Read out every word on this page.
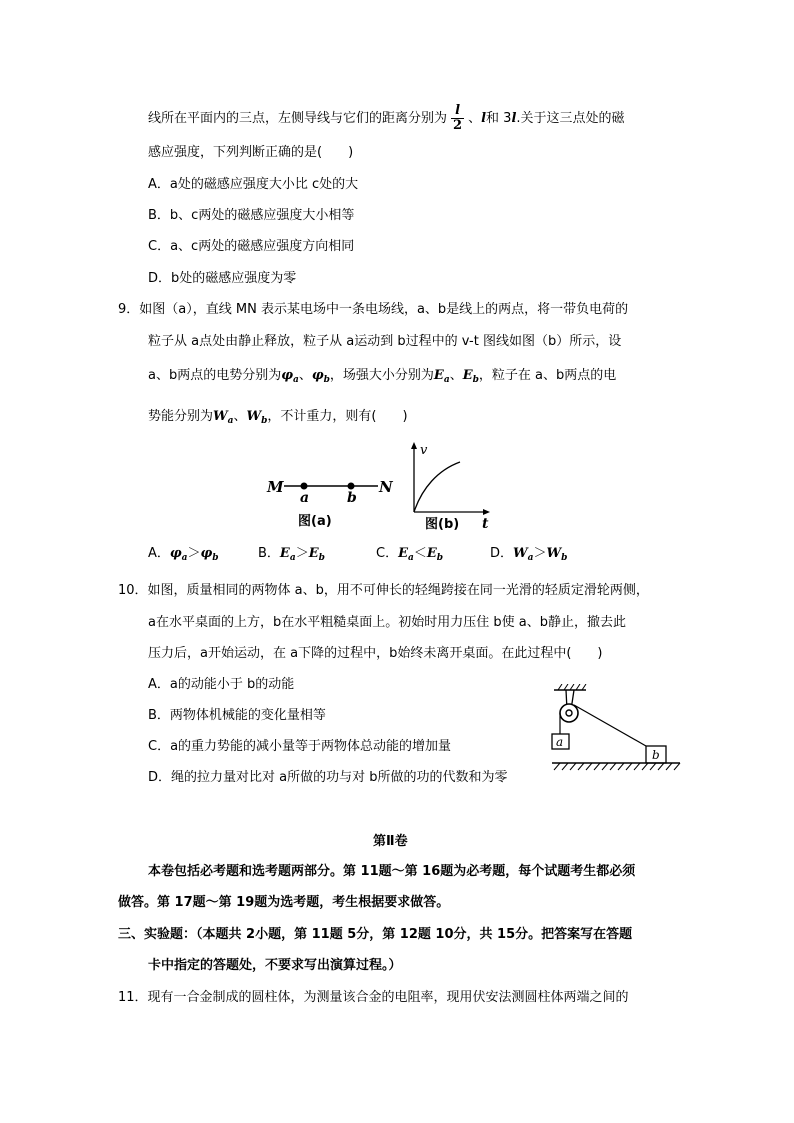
线所在平面内的三点，左侧导线与它们的距离分别为 $\frac{l}{2}$ 、l和 3l.关于这三点处的磁
感应强度，下列判断正确的是(　　)
A．a处的磁感应强度大小比 c处的大
B．b、c两处的磁感应强度大小相等
C．a、c两处的磁感应强度方向相同
D．b处的磁感应强度为零
9．如图（a），直线 MN 表示某电场中一条电场线，a、b是线上的两点，将一带负电荷的
粒子从 a点处由静止释放，粒子从 a运动到 b过程中的 v-t 图线如图（b）所示，设
a、b两点的电势分别为$\varphi_a$、$\varphi_b$，场强大小分别为$E_a$、$E_b$，粒子在 a、b两点的电
势能分别为$W_a$、$W_b$，不计重力，则有(　　)
M
a	b
N
图(a)
v
图(b) t
A．$\varphi_a>\varphi_b$	B．$E_a>E_b$	C．$E_a<E_b$	D．$W_a>W_b$
10．如图，质量相同的两物体 a、b，用不可伸长的轻绳跨接在同一光滑的轻质定滑轮两侧，
a在水平桌面的上方，b在水平粗糙桌面上。初始时用力压住 b使 a、b静止，撤去此
压力后，a开始运动，在 a下降的过程中，b始终未离开桌面。在此过程中(　　)
A．a的动能小于 b的动能
B．两物体机械能的变化量相等
C．a的重力势能的减小量等于两物体总动能的增加量
D．绳的拉力量对比对 a所做的功与对 b所做的功的代数和为零
a
b
第Ⅱ卷
本卷包括必考题和选考题两部分。第 11题～第 16题为必考题，每个试题考生都必须
做答。第 17题～第 19题为选考题，考生根据要求做答。
三、实验题：（本题共 2小题，第 11题 5分，第 12题 10分，共 15分。把答案写在答题
卡中指定的答题处，不要求写出演算过程。）
11．现有一合金制成的圆柱体，为测量该合金的电阻率，现用伏安法测圆柱体两端之间的
